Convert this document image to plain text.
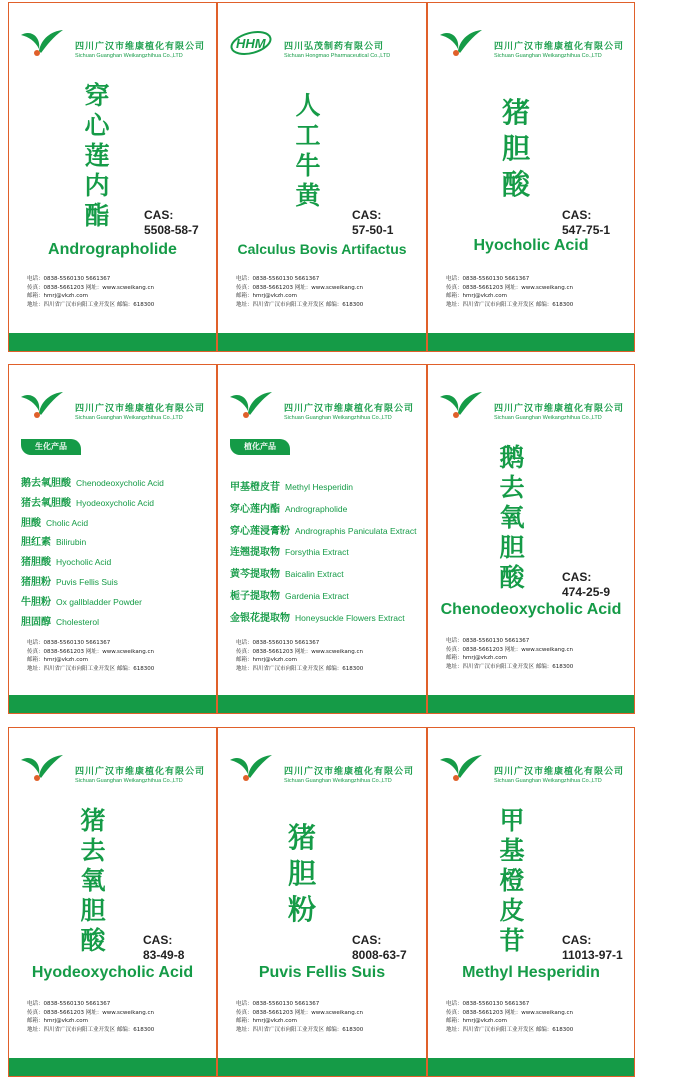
四川广汉市维康植化有限公司
Sichuan Guanghan Weikangzhihua Co.,LTD
穿
心
莲
内
酯	CAS:
5508-58-7
Andrographolide
电话：0838-5560130 5661367
传真：0838-5661203 网址：www.scweikang.cn
邮箱：hmrj@vkzh.com
地址：四川省广汉市向阳工业开发区 邮编：618300
HHM 四川弘茂制药有限公司
Sichuan Hongmao Pharmaceutical Co.,LTD
人
工
牛
黄
CAS:
57-50-1
Calculus Bovis Artifactus
电话：0838-5560130 5661367
传真：0838-5661203 网址：www.scweikang.cn
邮箱：hmrj@vkzh.com
地址：四川省广汉市向阳工业开发区 邮编：618300
四川广汉市维康植化有限公司
Sichuan Guanghan Weikangzhihua Co.,LTD
猪
胆
酸
CAS:
547-75-1
Hyocholic Acid
电话：0838-5560130 5661367
传真：0838-5661203 网址：www.scweikang.cn
邮箱：hmrj@vkzh.com
地址：四川省广汉市向阳工业开发区 邮编：618300
四川广汉市维康植化有限公司
Sichuan Guanghan Weikangzhihua Co.,LTD
生化产品
鹅去氧胆酸 Chenodeoxycholic Acid
猪去氧胆酸 Hyodeoxycholic Acid
胆酸 Cholic Acid
胆红素 Bilirubin
猪胆酸 Hyocholic Acid
猪胆粉 Puvis Fellis Suis
牛胆粉 Ox gallbladder Powder
胆固醇 Cholesterol
电话：0838-5560130 5661367
传真：0838-5661203 网址：www.scweikang.cn
邮箱：hmrj@vkzh.com
地址：四川省广汉市向阳工业开发区 邮编：618300
四川广汉市维康植化有限公司
Sichuan Guanghan Weikangzhihua Co.,LTD
植化产品
甲基橙皮苷 Methyl Hesperidin
穿心莲内酯 Andrographolide
穿心莲浸膏粉 Andrographis Paniculata Extract
连翘提取物 Forsythia Extract
黄芩提取物 Baicalin Extract
栀子提取物 Gardenia Extract
金银花提取物 Honeysuckle Flowers Extract
电话：0838-5560130 5661367
传真：0838-5661203 网址：www.scweikang.cn
邮箱：hmrj@vkzh.com
地址：四川省广汉市向阳工业开发区 邮编：618300
四川广汉市维康植化有限公司
Sichuan Guanghan Weikangzhihua Co.,LTD
鹅
去
氧
胆
酸	CAS:
474-25-9
Chenodeoxycholic Acid
电话：0838-5560130 5661367
传真：0838-5661203 网址：www.scweikang.cn
邮箱：hmrj@vkzh.com
地址：四川省广汉市向阳工业开发区 邮编：618300
四川广汉市维康植化有限公司
Sichuan Guanghan Weikangzhihua Co.,LTD
猪
去
氧
胆
酸	CAS:
83-49-8
Hyodeoxycholic Acid
电话：0838-5560130 5661367
传真：0838-5661203 网址：www.scweikang.cn
邮箱：hmrj@vkzh.com
地址：四川省广汉市向阳工业开发区 邮编：618300
四川广汉市维康植化有限公司
Sichuan Guanghan Weikangzhihua Co.,LTD
猪
胆
粉
CAS:
8008-63-7
Puvis Fellis Suis
电话：0838-5560130 5661367
传真：0838-5661203 网址：www.scweikang.cn
邮箱：hmrj@vkzh.com
地址：四川省广汉市向阳工业开发区 邮编：618300
四川广汉市维康植化有限公司
Sichuan Guanghan Weikangzhihua Co.,LTD
甲
基
橙
皮
苷	CAS:
11013-97-1
Methyl Hesperidin
电话：0838-5560130 5661367
传真：0838-5661203 网址：www.scweikang.cn
邮箱：hmrj@vkzh.com
地址：四川省广汉市向阳工业开发区 邮编：618300
